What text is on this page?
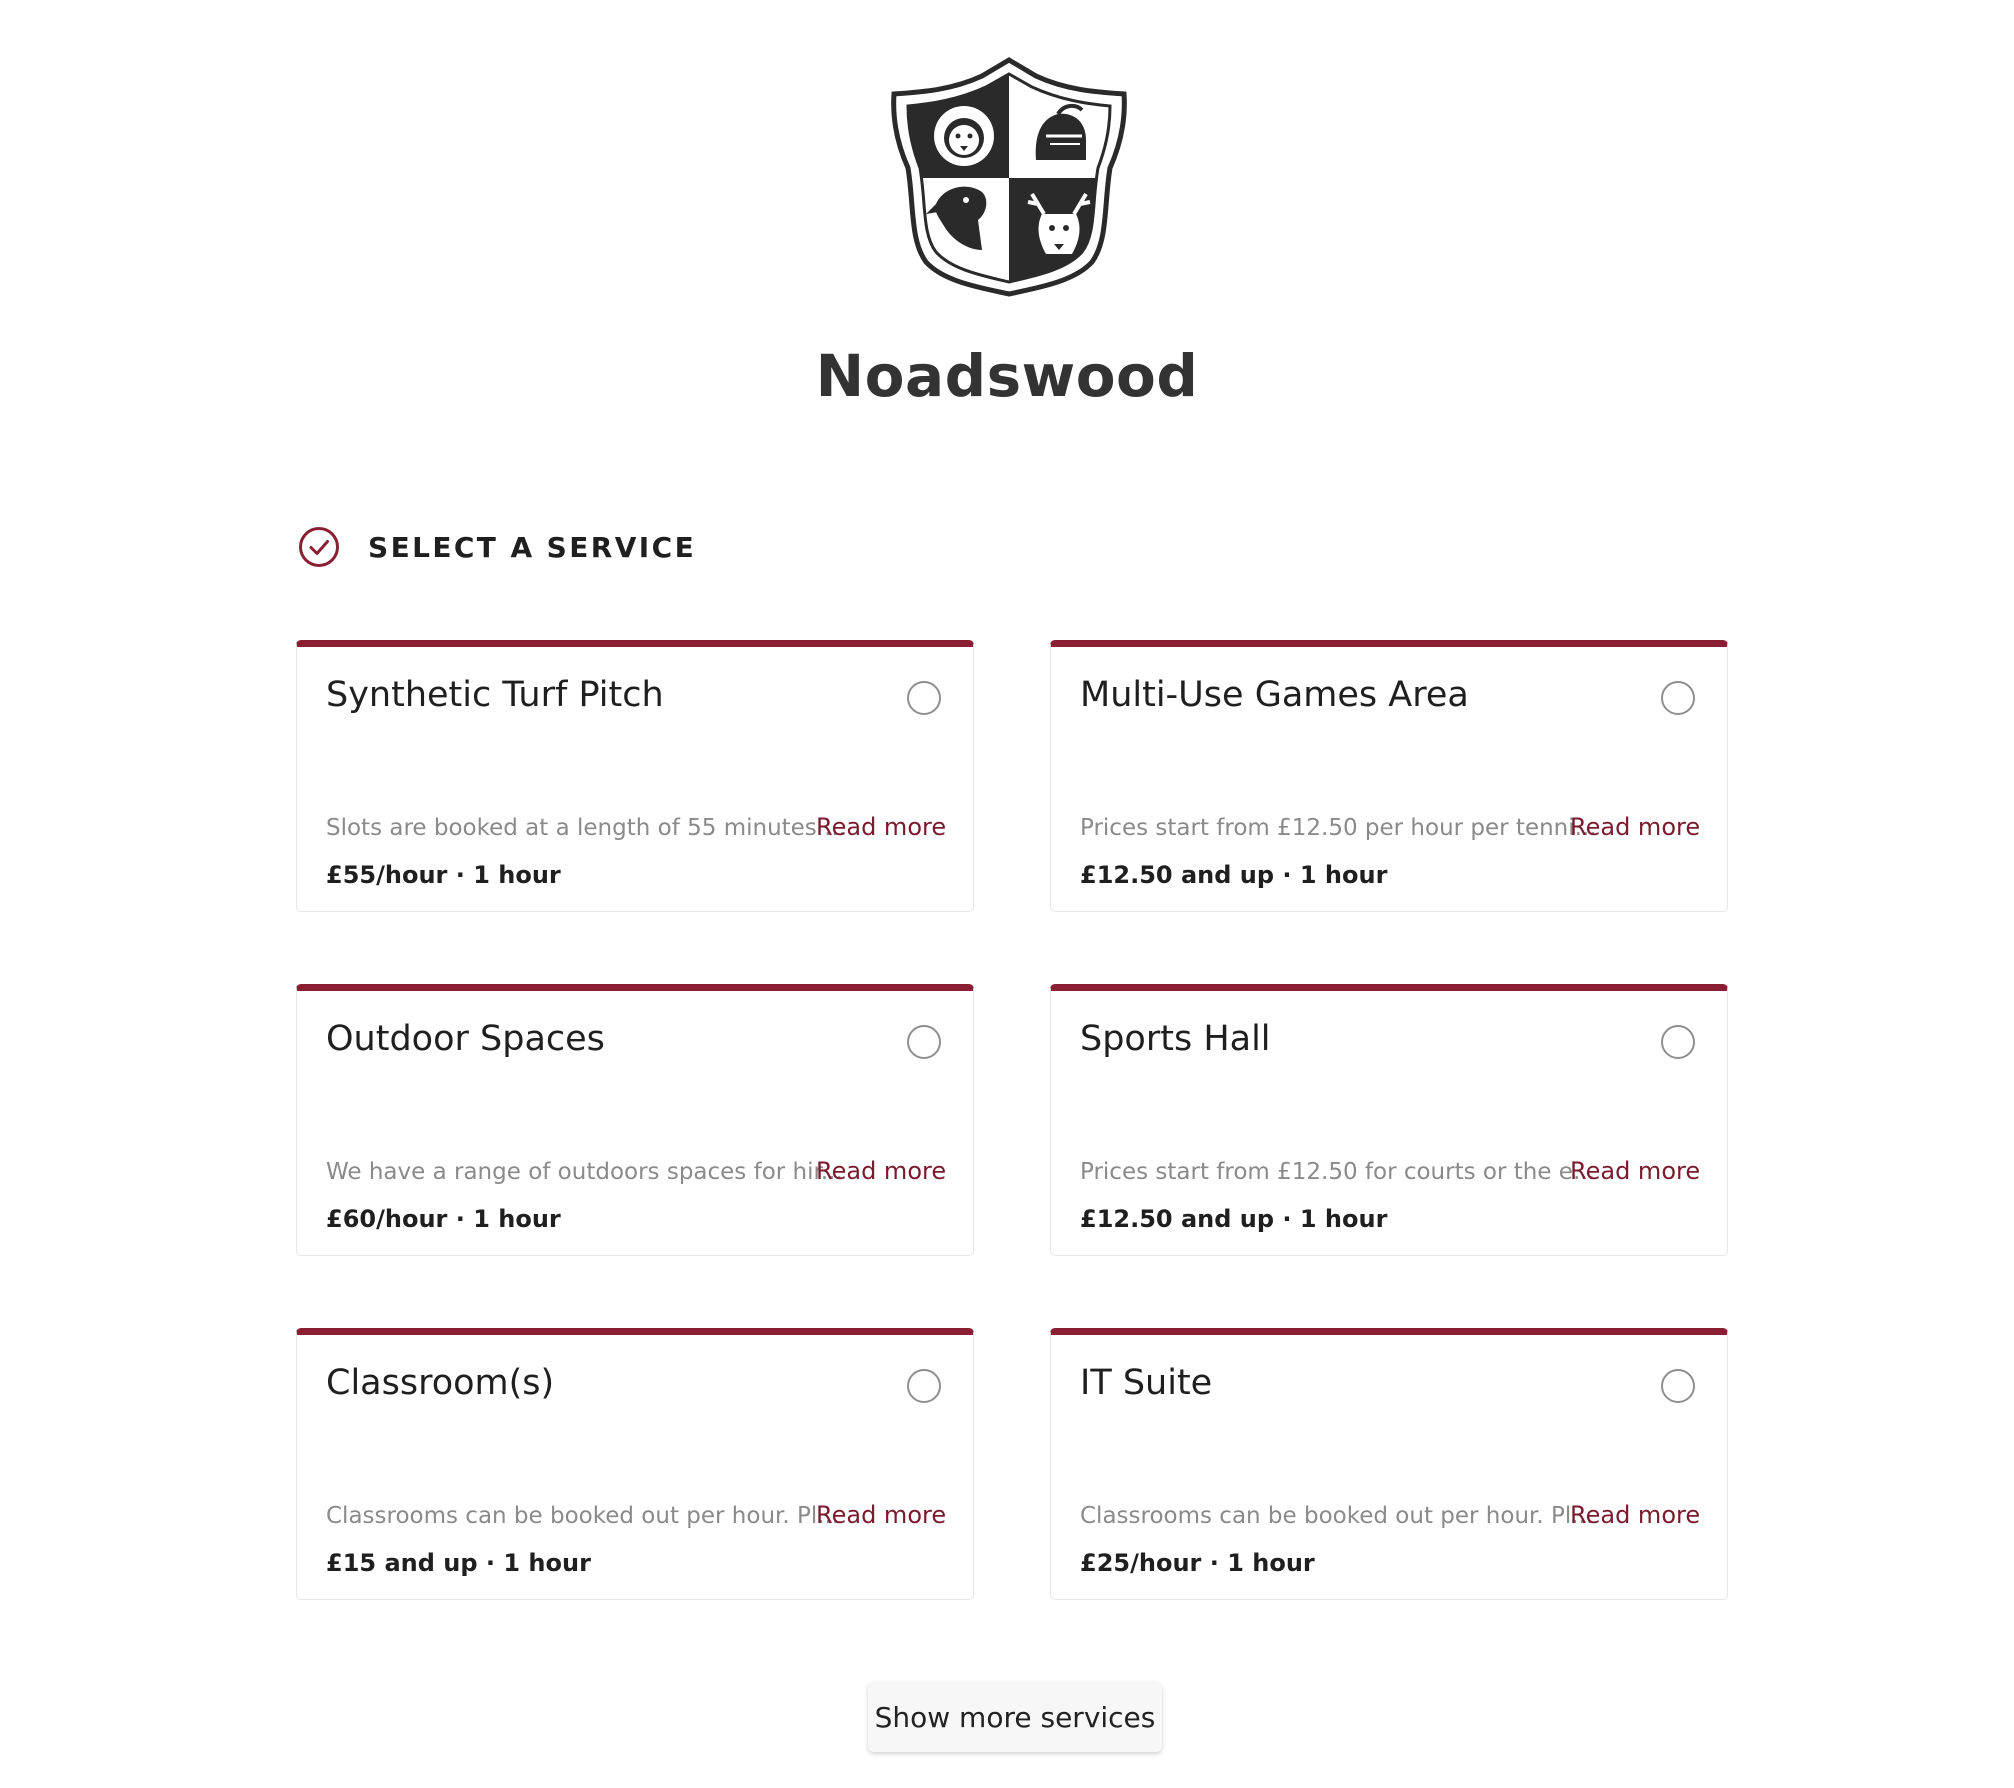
Noadswood
SELECT A SERVICE
Synthetic Turf Pitch
Slots are booked at a length of 55 minutes ...
Read more
£55/hour · 1 hour
Multi-Use Games Area
Prices start from £12.50 per hour per tenni...
Read more
£12.50 and up · 1 hour
Outdoor Spaces
We have a range of outdoors spaces for hir...
Read more
£60/hour · 1 hour
Sports Hall
Prices start from £12.50 for courts or the e...
Read more
£12.50 and up · 1 hour
Classroom(s)
Classrooms can be booked out per hour. Pl...
Read more
£15 and up · 1 hour
IT Suite
Classrooms can be booked out per hour. Pl...
Read more
£25/hour · 1 hour
Show more services
